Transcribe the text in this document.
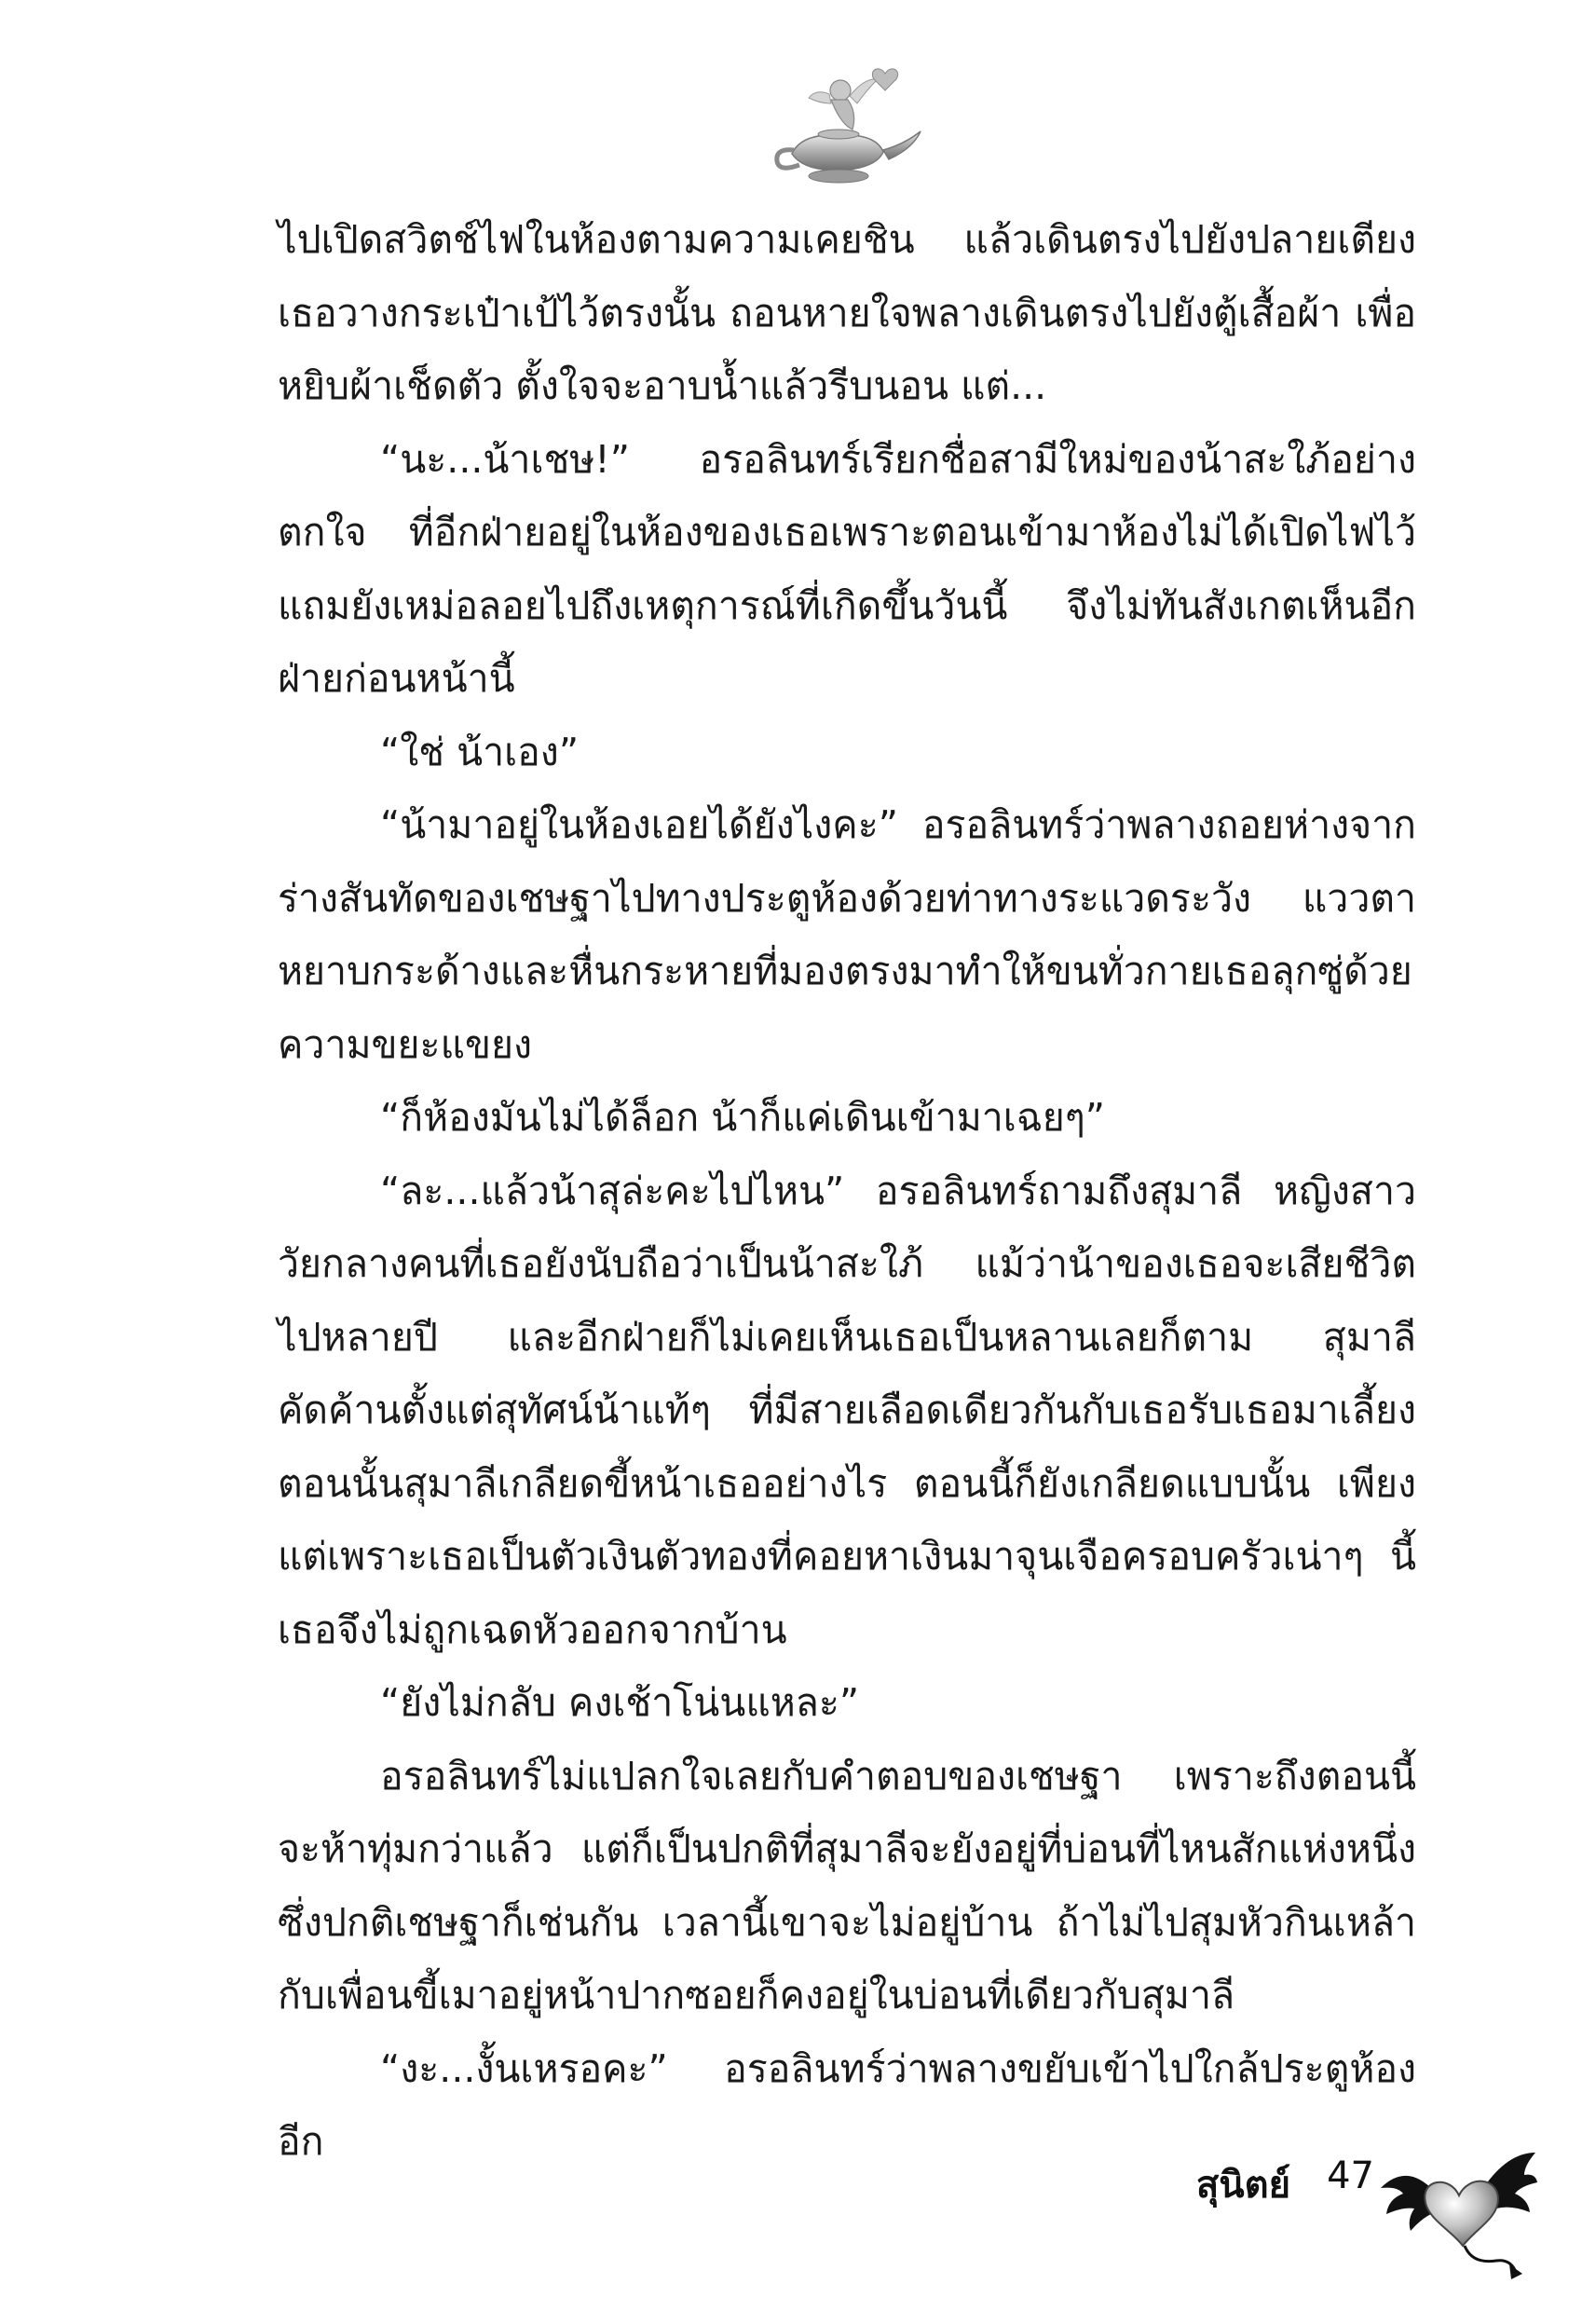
ไปเปิดสวิตช์ไฟในห้องตามความเคยชิน แล้วเดินตรงไปยังปลายเตียง เธอวางกระเป๋าเป้ไว้ตรงนั้น ถอนหายใจพลางเดินตรงไปยังตู้เสื้อผ้า เพื่อหยิบผ้าเช็ดตัว ตั้งใจจะอาบน้ำแล้วรีบนอน แต่...

“นะ...น้าเชษ!” อรอลินทร์เรียกชื่อสามีใหม่ของน้าสะใภ้อย่างตกใจ ที่อีกฝ่ายอยู่ในห้องของเธอเพราะตอนเข้ามาห้องไม่ได้เปิดไฟไว้ แถมยังเหม่อลอยไปถึงเหตุการณ์ที่เกิดขึ้นวันนี้ จึงไม่ทันสังเกตเห็นอีกฝ่ายก่อนหน้านี้

“ใช่ น้าเอง”

“น้ามาอยู่ในห้องเอยได้ยังไงคะ” อรอลินทร์ว่าพลางถอยห่างจากร่างสันทัดของเชษฐาไปทางประตูห้องด้วยท่าทางระแวดระวัง แววตาหยาบกระด้างและหื่นกระหายที่มองตรงมาทำให้ขนทั่วกายเธอลุกซู่ด้วยความขยะแขยง

“ก็ห้องมันไม่ได้ล็อก น้าก็แค่เดินเข้ามาเฉยๆ”

“ละ...แล้วน้าสุล่ะคะไปไหน” อรอลินทร์ถามถึงสุมาลี หญิงสาววัยกลางคนที่เธอยังนับถือว่าเป็นน้าสะใภ้ แม้ว่าน้าของเธอจะเสียชีวิตไปหลายปี และอีกฝ่ายก็ไม่เคยเห็นเธอเป็นหลานเลยก็ตาม สุมาลีคัดค้านตั้งแต่สุทัศน์น้าแท้ๆ ที่มีสายเลือดเดียวกันกับเธอรับเธอมาเลี้ยง ตอนนั้นสุมาลีเกลียดขี้หน้าเธออย่างไร ตอนนี้ก็ยังเกลียดแบบนั้น เพียงแต่เพราะเธอเป็นตัวเงินตัวทองที่คอยหาเงินมาจุนเจือครอบครัวเน่าๆ นี้เธอจึงไม่ถูกเฉดหัวออกจากบ้าน

“ยังไม่กลับ คงเช้าโน่นแหละ”

อรอลินทร์ไม่แปลกใจเลยกับคำตอบของเชษฐา เพราะถึงตอนนี้จะห้าทุ่มกว่าแล้ว แต่ก็เป็นปกติที่สุมาลีจะยังอยู่ที่บ่อนที่ไหนสักแห่งหนึ่ง ซึ่งปกติเชษฐาก็เช่นกัน เวลานี้เขาจะไม่อยู่บ้าน ถ้าไม่ไปสุมหัวกินเหล้ากับเพื่อนขี้เมาอยู่หน้าปากซอยก็คงอยู่ในบ่อนที่เดียวกับสุมาลี

“งะ...งั้นเหรอคะ” อรอลินทร์ว่าพลางขยับเข้าไปใกล้ประตูห้องอีก

สุนิตย์ 47
